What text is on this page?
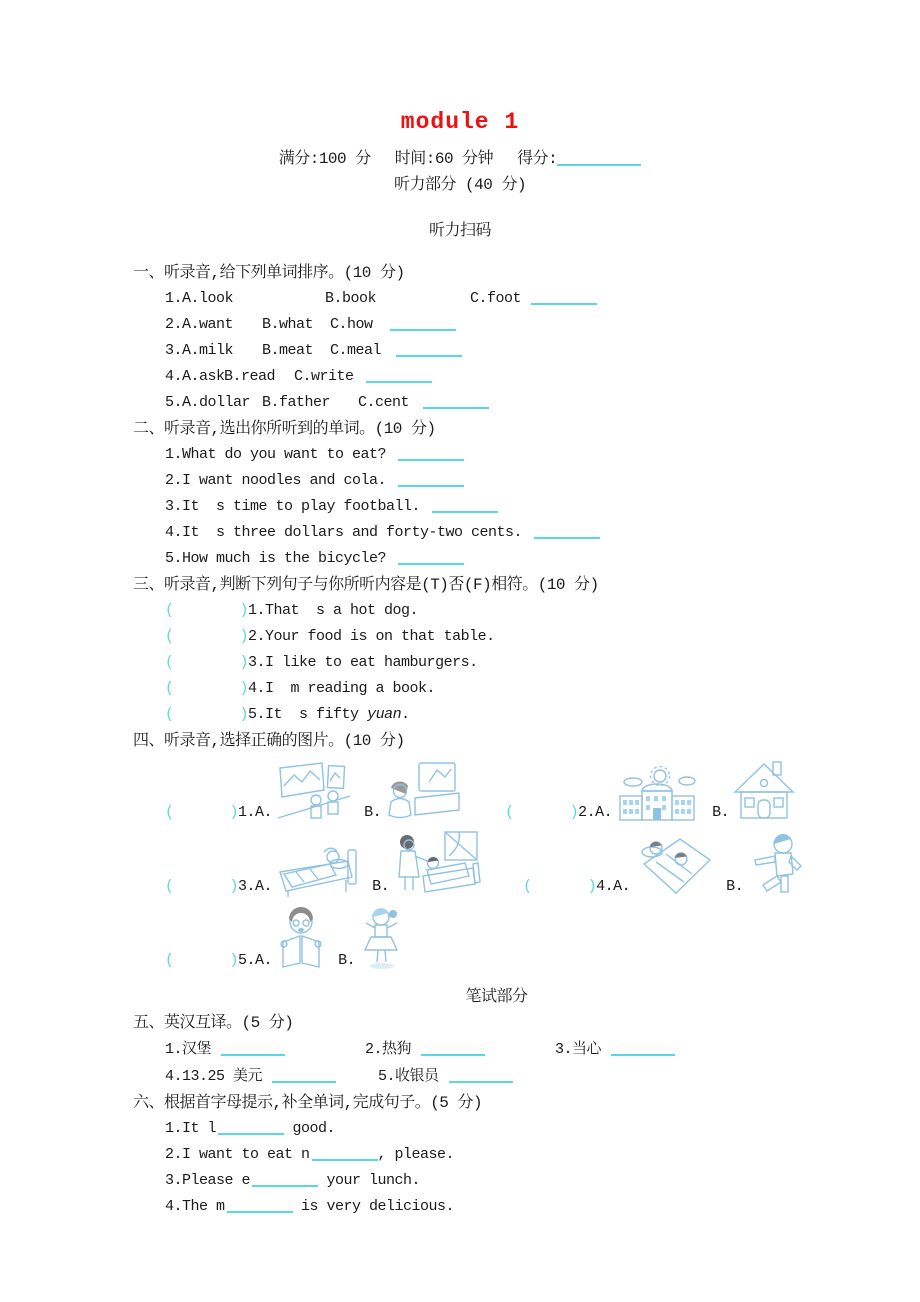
module 1
满分:100 分 时间:60 分钟 得分:
听力部分 (40 分)
听力扫码
一、听录音,给下列单词排序。(10 分)
1.A.look	B.book	C.foot
2.A.want B.what C.how
3.A.milk B.meat C.meal
4.A.askB.read C.write
5.A.dollar B.father C.cent
二、听录音,选出你所听到的单词。(10 分)
1.What do you want to eat?
2.I want noodles and cola.
3.It  s time to play football.
4.It  s three dollars and forty-two cents.
5.How much is the bicycle?
三、听录音,判断下列句子与你所听内容是(T)否(F)相符。(10 分)
(	)1.That  s a hot dog.
(	)2.Your food is on that table.
(	)3.I like to eat hamburgers.
(	)4.I  m reading a book.
(	)5.It  s fifty yuan.
四、听录音,选择正确的图片。(10 分)
(	) 1. A.	B.	(	) 2. A.	B.
(	) 3. A.	B.	(	) 4. A.	B.
(	) 5. A.	B.
笔试部分
五、英汉互译。(5 分)
1.汉堡	2.热狗	3.当心
4.13.25 美元	5.收银员
六、根据首字母提示,补全单词,完成句子。(5 分)
1.It l	good.
2.I want to eat n	, please.
3.Please e	your lunch.
4.The m	is very delicious.
